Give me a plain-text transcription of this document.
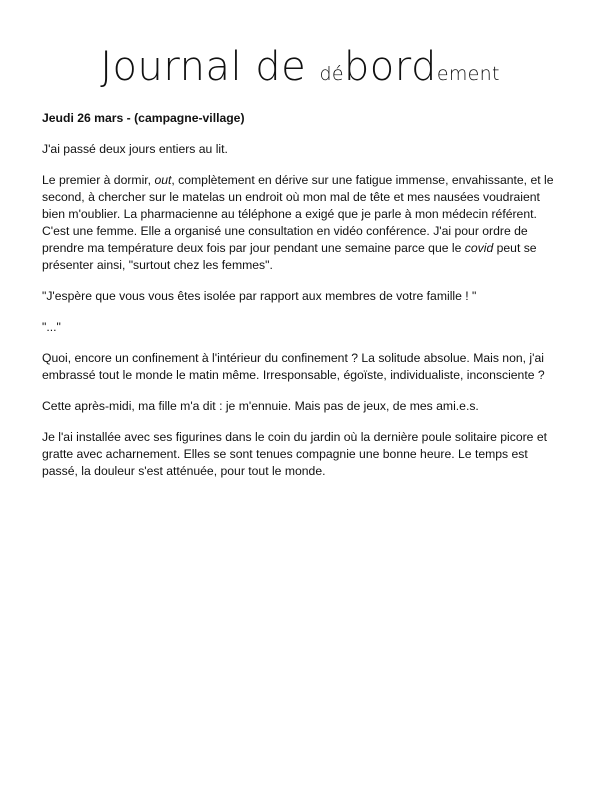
Journal de débordement

Jeudi 26 mars - (campagne-village)

J'ai passé deux jours entiers au lit.

Le premier à dormir, out, complètement en dérive sur une fatigue immense, envahissante, et le second, à chercher sur le matelas un endroit où mon mal de tête et mes nausées voudraient bien m'oublier. La pharmacienne au téléphone a exigé que je parle à mon médecin référent. C'est une femme. Elle a organisé une consultation en vidéo conférence. J'ai pour ordre de prendre ma température deux fois par jour pendant une semaine parce que le covid peut se présenter ainsi, "surtout chez les femmes".

"J'espère que vous vous êtes isolée par rapport aux membres de votre famille ! "

"..."

Quoi, encore un confinement à l'intérieur du confinement ? La solitude absolue. Mais non, j'ai embrassé tout le monde le matin même. Irresponsable, égoïste, individualiste, inconsciente ?

Cette après-midi, ma fille m'a dit : je m'ennuie. Mais pas de jeux, de mes ami.e.s.

Je l'ai installée avec ses figurines dans le coin du jardin où la dernière poule solitaire picore et gratte avec acharnement. Elles se sont tenues compagnie une bonne heure. Le temps est passé, la douleur s'est atténuée, pour tout le monde.
